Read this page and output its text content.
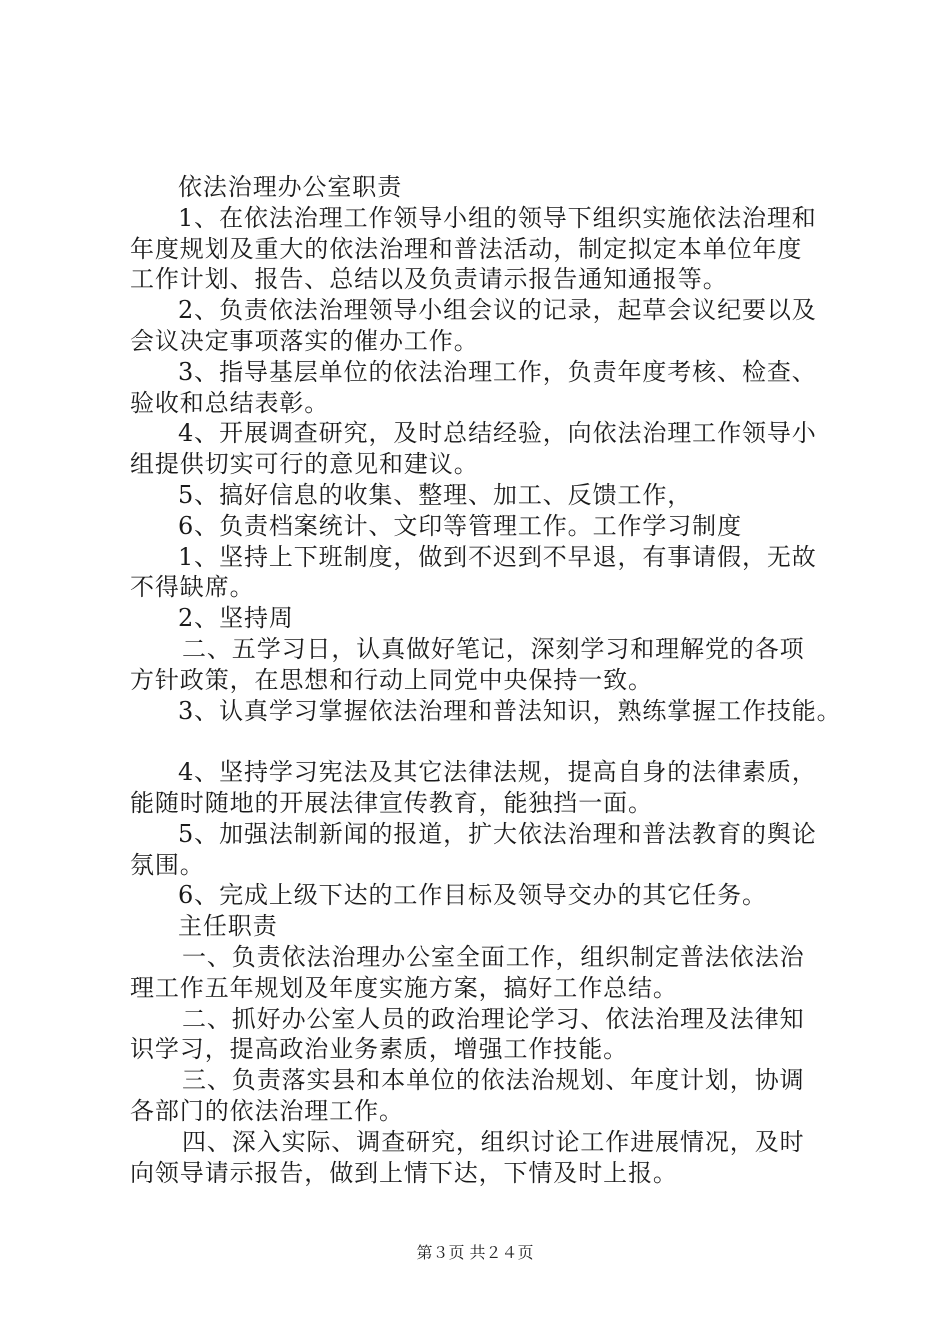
依法治理办公室职责
1、在依法治理工作领导小组的领导下组织实施依法治理和
年度规划及重大的依法治理和普法活动，制定拟定本单位年度
工作计划、报告、总结以及负责请示报告通知通报等。
2、负责依法治理领导小组会议的记录，起草会议纪要以及
会议决定事项落实的催办工作。
3、指导基层单位的依法治理工作，负责年度考核、检查、
验收和总结表彰。
4、开展调查研究，及时总结经验，向依法治理工作领导小
组提供切实可行的意见和建议。
5、搞好信息的收集、整理、加工、反馈工作，
6、负责档案统计、文印等管理工作。工作学习制度
1、坚持上下班制度，做到不迟到不早退，有事请假，无故
不得缺席。
2、坚持周
二、五学习日，认真做好笔记，深刻学习和理解党的各项
方针政策，在思想和行动上同党中央保持一致。
3、认真学习掌握依法治理和普法知识，熟练掌握工作技能。
4、坚持学习宪法及其它法律法规，提高自身的法律素质，
能随时随地的开展法律宣传教育，能独挡一面。
5、加强法制新闻的报道，扩大依法治理和普法教育的舆论
氛围。
6、完成上级下达的工作目标及领导交办的其它任务。
主任职责
一、负责依法治理办公室全面工作，组织制定普法依法治
理工作五年规划及年度实施方案，搞好工作总结。
二、抓好办公室人员的政治理论学习、依法治理及法律知
识学习，提高政治业务素质，增强工作技能。
三、负责落实县和本单位的依法治规划、年度计划，协调
各部门的依法治理工作。
四、深入实际、调查研究，组织讨论工作进展情况，及时
向领导请示报告，做到上情下达，下情及时上报。
第３页 共２４页
